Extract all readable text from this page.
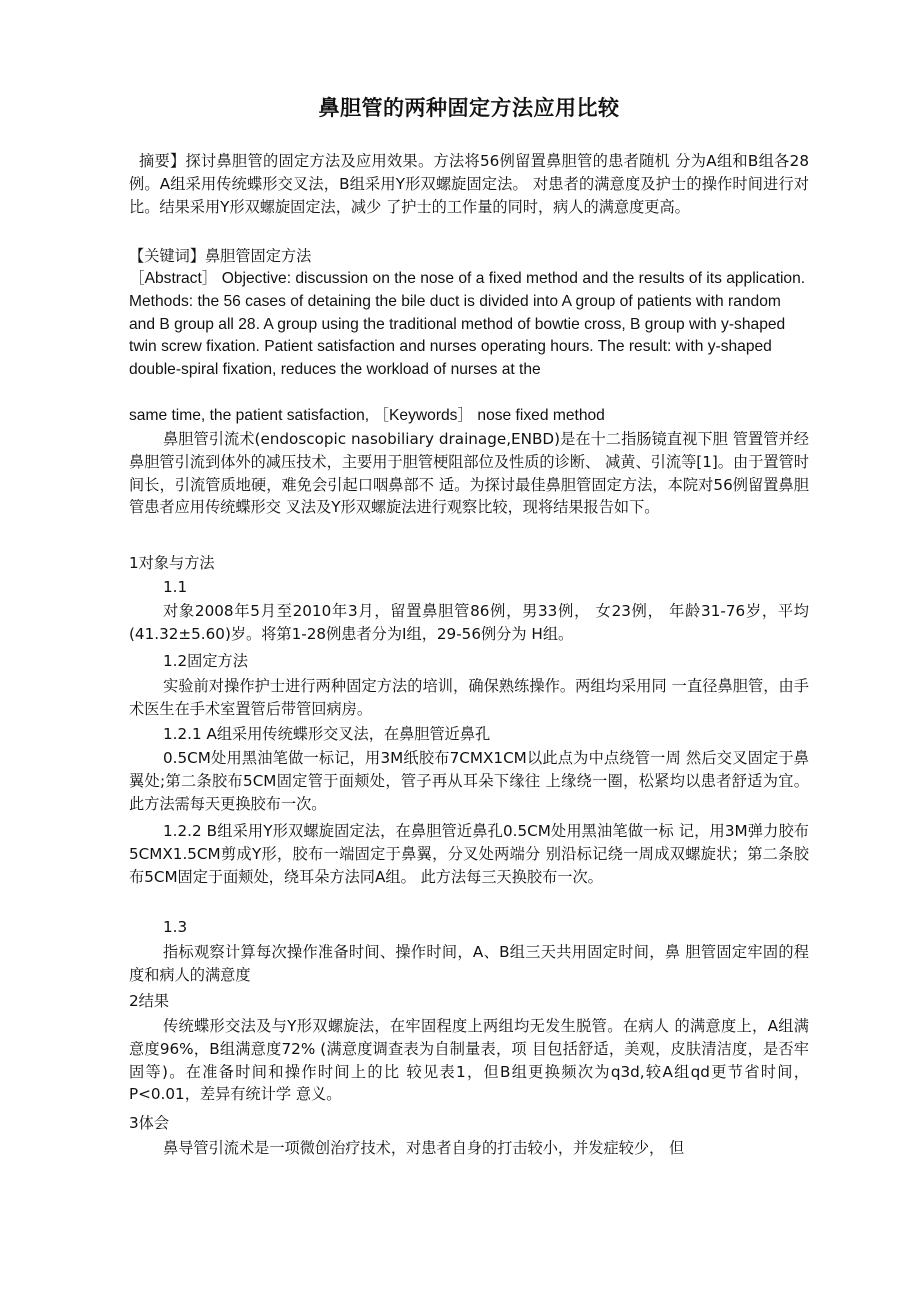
鼻胆管的两种固定方法应用比较

摘要】探讨鼻胆管的固定方法及应用效果。方法将56例留置鼻胆管的患者随机 分为A组和B组各28例。A组采用传统蝶形交叉法，B组采用Y形双螺旋固定法。 对患者的满意度及护士的操作时间进行对比。结果采用Y形双螺旋固定法，减少 了护士的工作量的同时，病人的满意度更高。

【关键词】鼻胆管固定方法

［Abstract］ Objective: discussion on the nose of a fixed method and the results of its application. Methods: the 56 cases of detaining the bile duct is divided into A group of patients with random and B group all 28. A group using the traditional method of bowtie cross, B group with y-shaped twin screw fixation. Patient satisfaction and nurses operating hours. The result: with y-shaped double-spiral fixation, reduces the workload of nurses at the

same time, the patient satisfaction, ［Keywords］ nose fixed method

鼻胆管引流术(endoscopic nasobiliary drainage,ENBD)是在十二指肠镜直视下胆 管置管并经鼻胆管引流到体外的减压技术，主要用于胆管梗阻部位及性质的诊断、 减黄、引流等[1]。由于置管时间长，引流管质地硬，难免会引起口咽鼻部不 适。为探讨最佳鼻胆管固定方法，本院对56例留置鼻胆管患者应用传统蝶形交 叉法及Y形双螺旋法进行观察比较，现将结果报告如下。

1对象与方法

1.1

对象2008年5月至2010年3月，留置鼻胆管86例，男33例， 女23例， 年龄31-76岁，平均(41.32±5.60)岁。将第1-28例患者分为I组，29-56例分为 H组。

1.2固定方法

实验前对操作护士进行两种固定方法的培训，确保熟练操作。两组均采用同 一直径鼻胆管，由手术医生在手术室置管后带管回病房。

1.2.1 A组采用传统蝶形交叉法，在鼻胆管近鼻孔

0.5CM处用黑油笔做一标记，用3M纸胶布7CMX1CM以此点为中点绕管一周 然后交叉固定于鼻翼处;第二条胶布5CM固定管于面颊处，管子再从耳朵下缘往 上缘绕一圈，松紧均以患者舒适为宜。此方法需每天更换胶布一次。

1.2.2 B组采用Y形双螺旋固定法，在鼻胆管近鼻孔0.5CM处用黑油笔做一标 记，用3M弹力胶布5CMX1.5CM剪成Y形，胶布一端固定于鼻翼，分叉处两端分 别沿标记绕一周成双螺旋状；第二条胶布5CM固定于面颊处，绕耳朵方法同A组。 此方法每三天换胶布一次。

1.3

指标观察计算每次操作准备时间、操作时间，A、B组三天共用固定时间，鼻 胆管固定牢固的程度和病人的满意度

2结果

传统蝶形交法及与Y形双螺旋法，在牢固程度上两组均无发生脱管。在病人 的满意度上，A组满意度96%，B组满意度72% (满意度调查表为自制量表，项 目包括舒适，美观，皮肤清洁度，是否牢固等)。在准备时间和操作时间上的比 较见表1，但B组更换频次为q3d,较A组qd更节省时间，P<0.01，差异有统计学 意义。

3体会

鼻导管引流术是一项微创治疗技术，对患者自身的打击较小，并发症较少， 但
